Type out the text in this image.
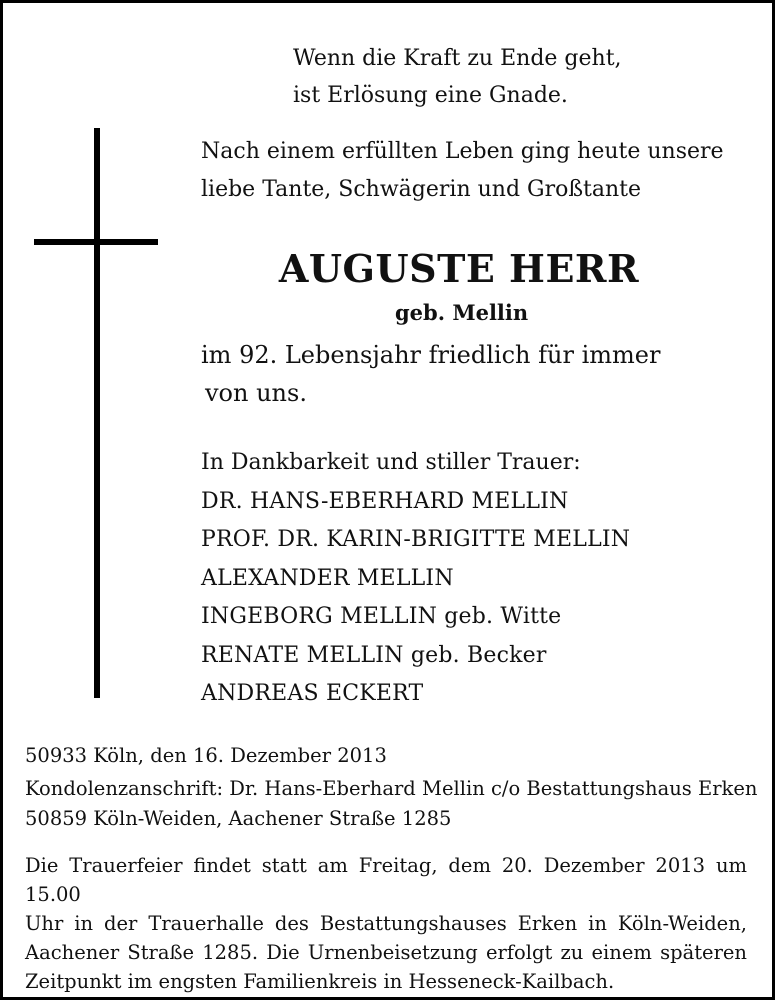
Wenn die Kraft zu Ende geht,
ist Erlösung eine Gnade.
Nach einem erfüllten Leben ging heute unsere
liebe Tante, Schwägerin und Großtante
AUGUSTE HERR
geb. Mellin
im 92. Lebensjahr friedlich für immer
von uns.
In Dankbarkeit und stiller Trauer:
DR. HANS-EBERHARD MELLIN
PROF. DR. KARIN-BRIGITTE MELLIN
ALEXANDER MELLIN
INGEBORG MELLIN geb. Witte
RENATE MELLIN geb. Becker
ANDREAS ECKERT
50933 Köln, den 16. Dezember 2013
Kondolenzanschrift: Dr. Hans-Eberhard Mellin c/o Bestattungshaus Erken
50859 Köln-Weiden, Aachener Straße 1285
Die Trauerfeier findet statt am Freitag, dem 20. Dezember 2013 um 15.00
Uhr in der Trauerhalle des Bestattungshauses Erken in Köln-Weiden,
Aachener Straße 1285. Die Urnenbeisetzung erfolgt zu einem späteren
Zeitpunkt im engsten Familienkreis in Hesseneck-Kailbach.
